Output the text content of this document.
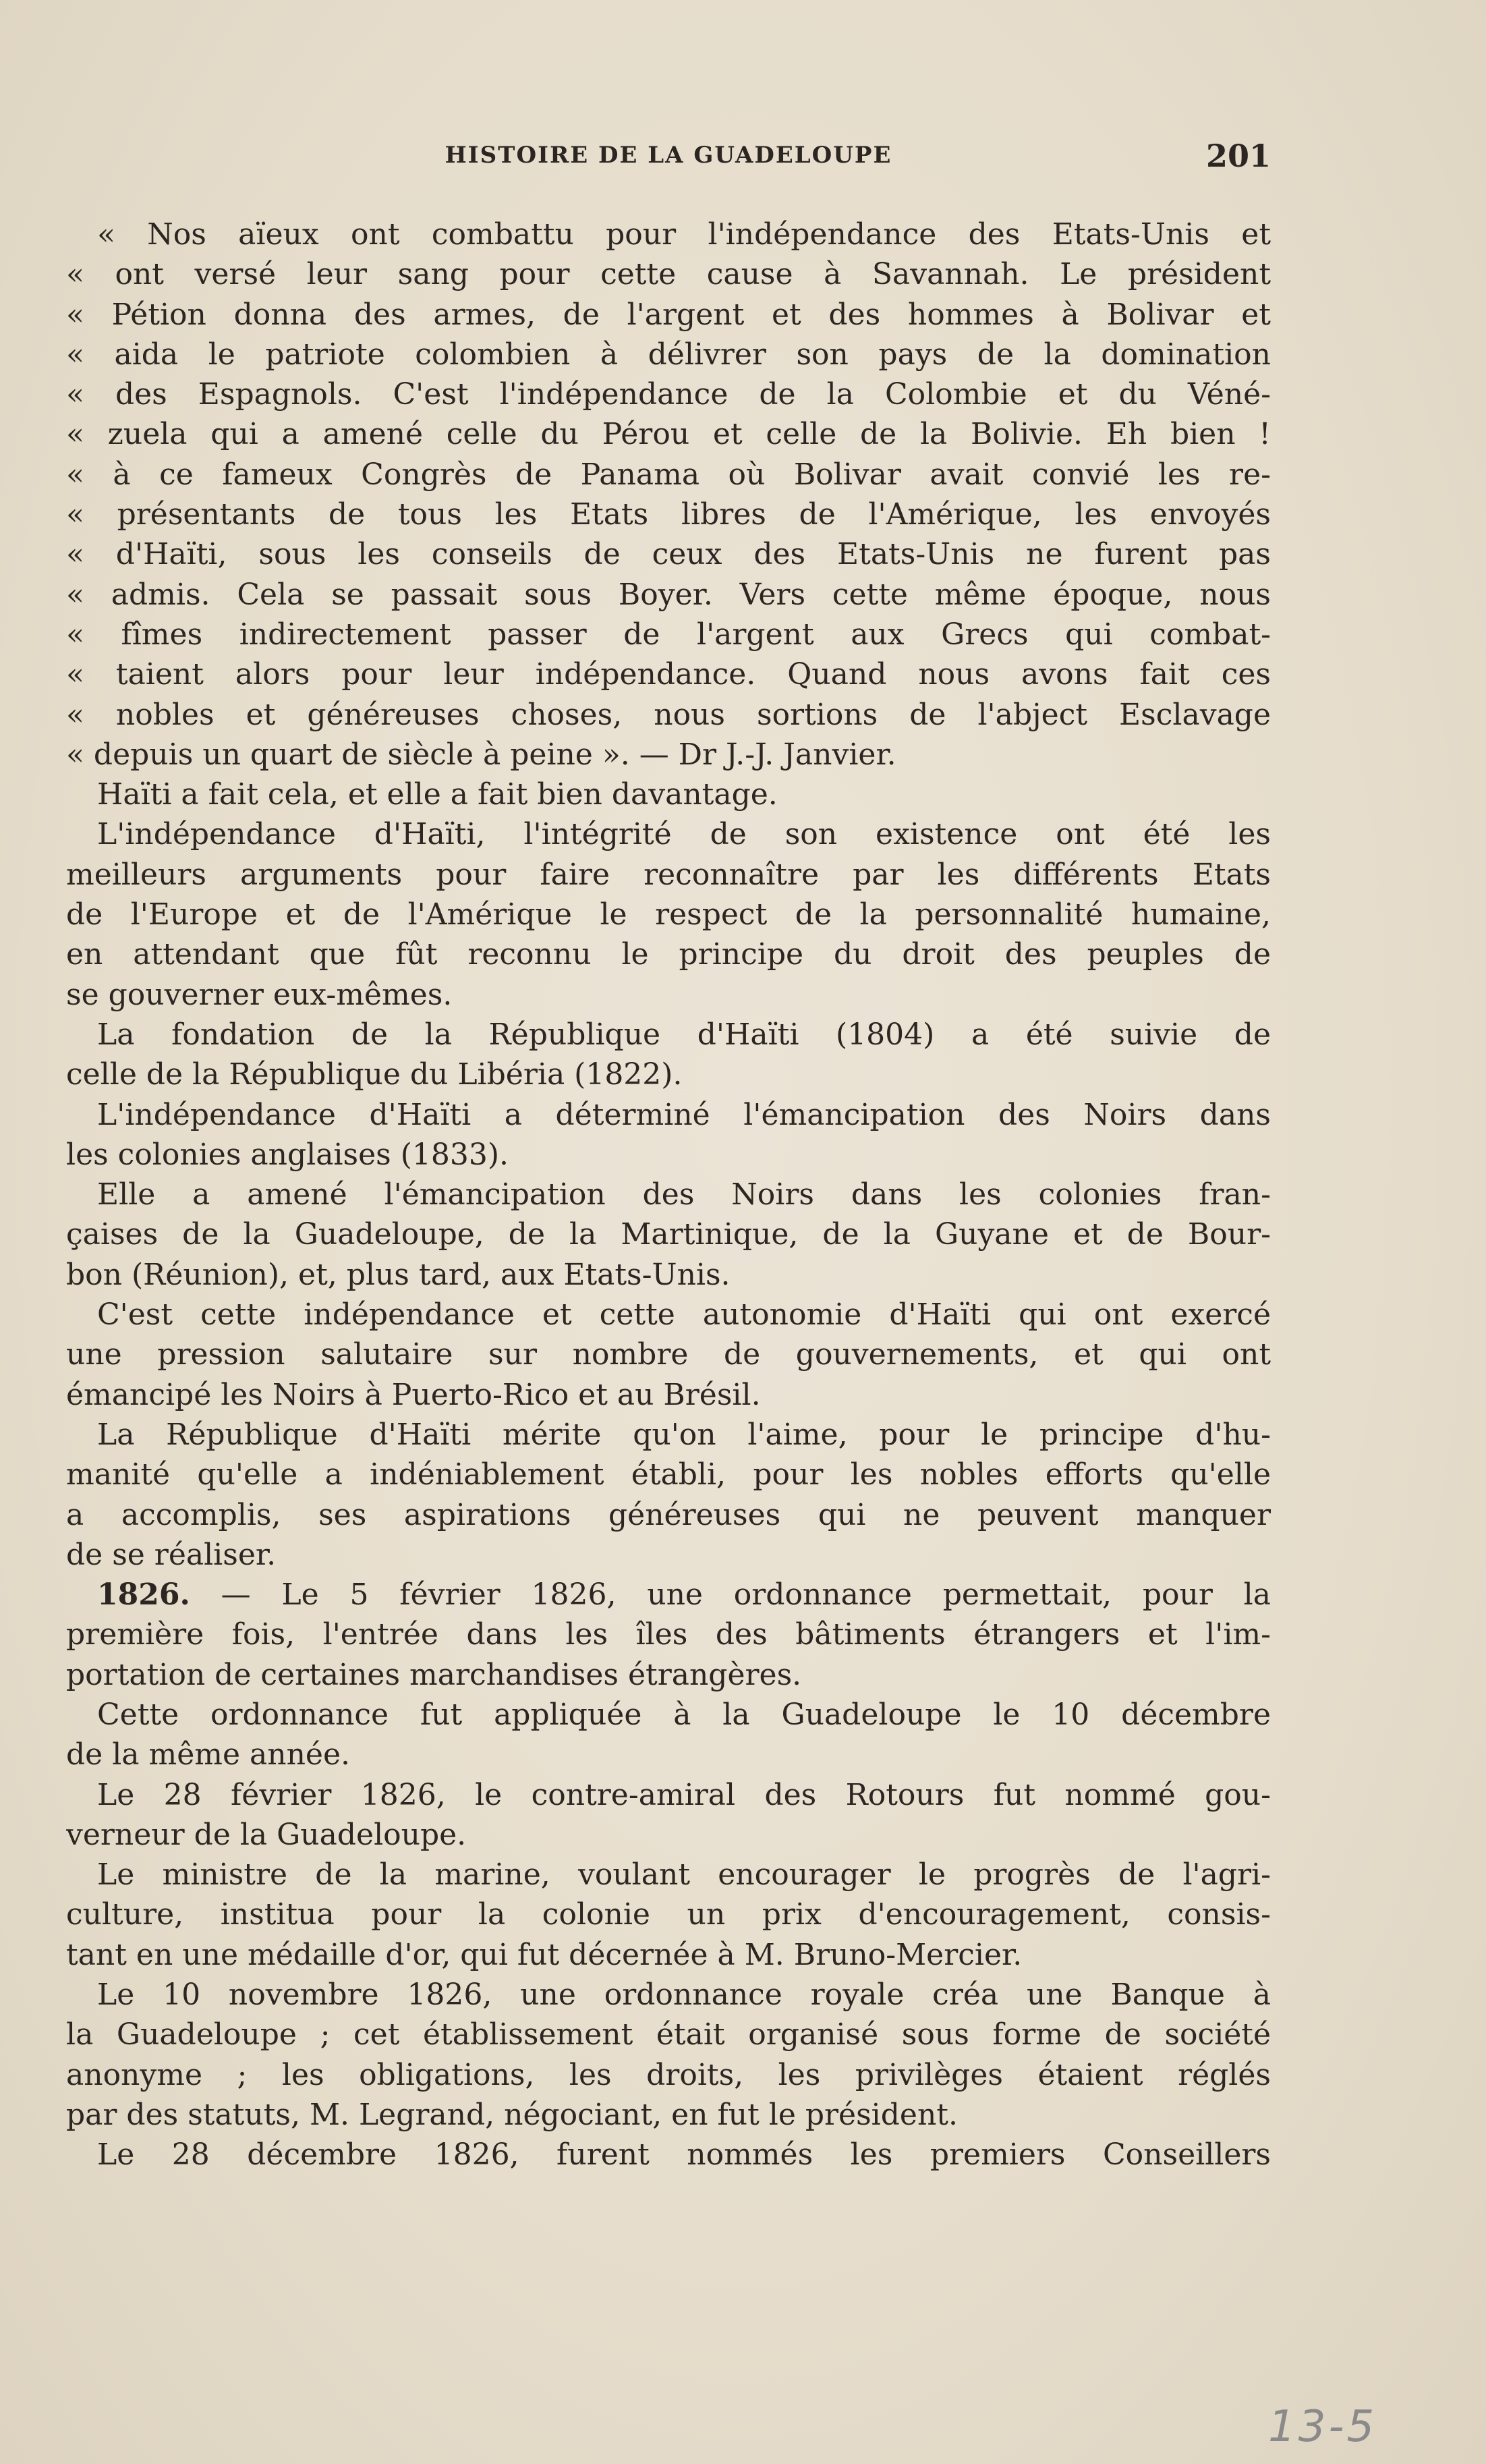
HISTOIRE DE LA GUADELOUPE	201
« Nos aïeux ont combattu pour l'indépendance des Etats-Unis et
« ont versé leur sang pour cette cause à Savannah. Le président
« Pétion donna des armes, de l'argent et des hommes à Bolivar et
« aida le patriote colombien à délivrer son pays de la domination
« des Espagnols. C'est l'indépendance de la Colombie et du Véné-
« zuela qui a amené celle du Pérou et celle de la Bolivie. Eh bien !
« à ce fameux Congrès de Panama où Bolivar avait convié les re-
« présentants de tous les Etats libres de l'Amérique, les envoyés
« d'Haïti, sous les conseils de ceux des Etats-Unis ne furent pas
« admis. Cela se passait sous Boyer. Vers cette même époque, nous
« fîmes indirectement passer de l'argent aux Grecs qui combat-
« taient alors pour leur indépendance. Quand nous avons fait ces
« nobles et généreuses choses, nous sortions de l'abject Esclavage
« depuis un quart de siècle à peine ». — Dr J.-J. Janvier.
Haïti a fait cela, et elle a fait bien davantage.
L'indépendance d'Haïti, l'intégrité de son existence ont été les
meilleurs arguments pour faire reconnaître par les différents Etats
de l'Europe et de l'Amérique le respect de la personnalité humaine,
en attendant que fût reconnu le principe du droit des peuples de
se gouverner eux-mêmes.
La fondation de la République d'Haïti (1804) a été suivie de
celle de la République du Libéria (1822).
L'indépendance d'Haïti a déterminé l'émancipation des Noirs dans
les colonies anglaises (1833).
Elle a amené l'émancipation des Noirs dans les colonies fran-
çaises de la Guadeloupe, de la Martinique, de la Guyane et de Bour-
bon (Réunion), et, plus tard, aux Etats-Unis.
C'est cette indépendance et cette autonomie d'Haïti qui ont exercé
une pression salutaire sur nombre de gouvernements, et qui ont
émancipé les Noirs à Puerto-Rico et au Brésil.
La République d'Haïti mérite qu'on l'aime, pour le principe d'hu-
manité qu'elle a indéniablement établi, pour les nobles efforts qu'elle
a accomplis, ses aspirations généreuses qui ne peuvent manquer
de se réaliser.
1826. — Le 5 février 1826, une ordonnance permettait, pour la
première fois, l'entrée dans les îles des bâtiments étrangers et l'im-
portation de certaines marchandises étrangères.
Cette ordonnance fut appliquée à la Guadeloupe le 10 décembre
de la même année.
Le 28 février 1826, le contre-amiral des Rotours fut nommé gou-
verneur de la Guadeloupe.
Le ministre de la marine, voulant encourager le progrès de l'agri-
culture, institua pour la colonie un prix d'encouragement, consis-
tant en une médaille d'or, qui fut décernée à M. Bruno-Mercier.
Le 10 novembre 1826, une ordonnance royale créa une Banque à
la Guadeloupe ; cet établissement était organisé sous forme de société
anonyme ; les obligations, les droits, les privilèges étaient réglés
par des statuts, M. Legrand, négociant, en fut le président.
Le 28 décembre 1826, furent nommés les premiers Conseillers
13-5
